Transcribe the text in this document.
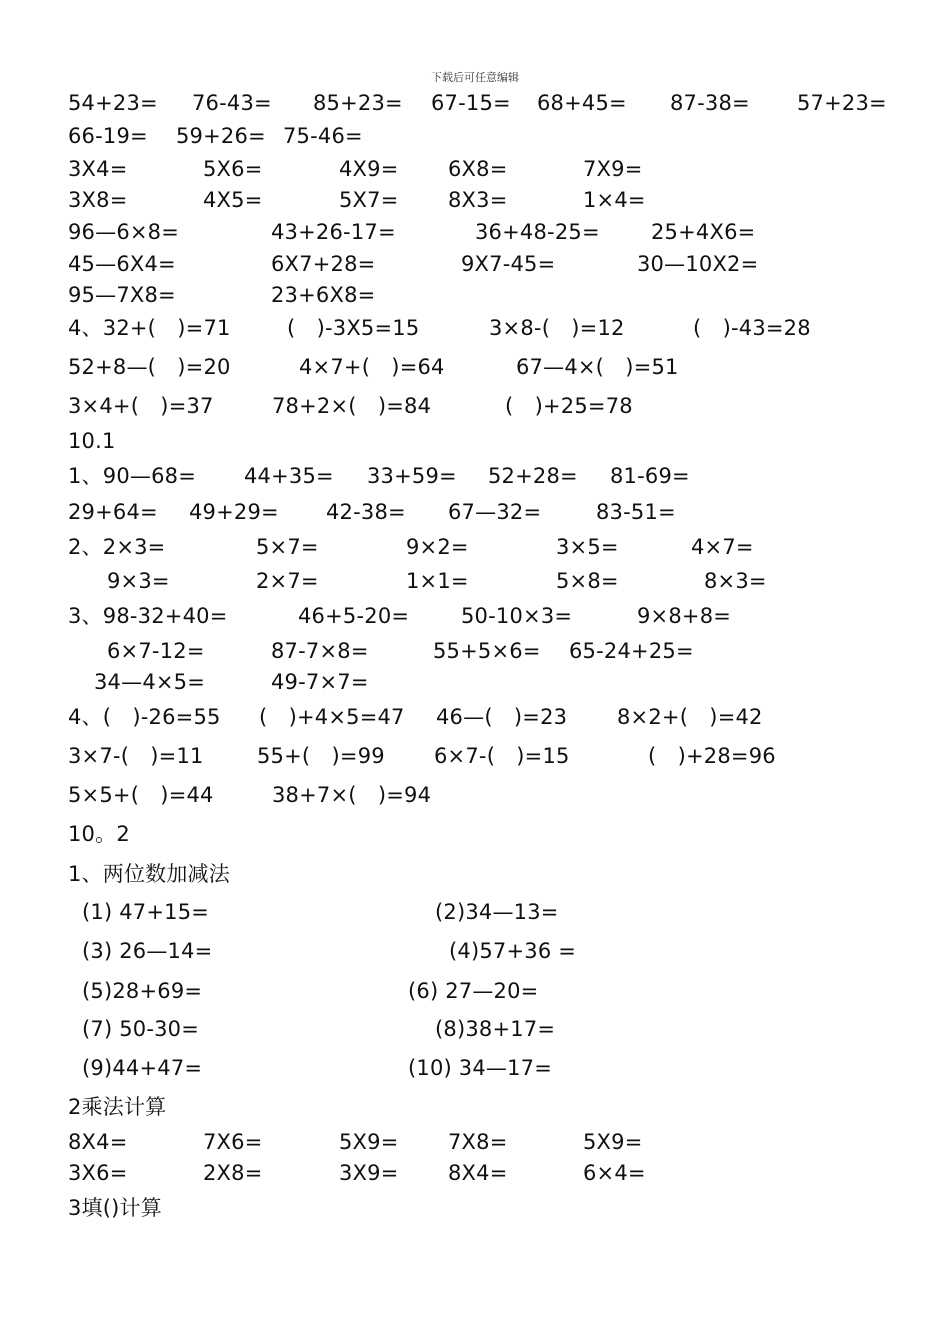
下载后可任意编辑
54+23= 76-43= 85+23= 67-15= 68+45= 87-38= 57+23=
66-19= 59+26= 75-46=
3X4=	5X6=	4X9= 6X8=	7X9=
3X8=	4X5=	5X7= 8X3=	1×4=
96—6×8=	43+26-17=	36+48-25= 25+4X6=
45—6X4=	6X7+28=	9X7-45=	30—10X2=
95—7X8=	23+6X8=
4、32+(　)=71	(　)-3X5=15	3×8-(　)=12	(　)-43=28
52+8—(　)=20	4×7+(　)=64	67—4×(　)=51
3×4+(　)=37	78+2×(　)=84	(　)+25=78
10.1
1、90—68= 44+35= 33+59= 52+28= 81-69=
29+64= 49+29= 42-38= 67—32=	83-51=
2、2×3=	5×7=	9×2=	3×5=	4×7=
9×3=	2×7=	1×1=	5×8=	8×3=
3、98-32+40=	46+5-20= 50-10×3=	9×8+8=
6×7-12=	87-7×8=	55+5×6= 65-24+25=
34—4×5=	49-7×7=
4、(　)-26=55 (　)+4×5=47 46—(　)=23 8×2+(　)=42
3×7-(　)=11	55+(　)=99 6×7-(　)=15	(　)+28=96
5×5+(　)=44	38+7×(　)=94
10。2
1、两位数加减法
(1) 47+15=	(2)34—13=
(3) 26—14=	(4)57+36 =
(5)28+69=	(6) 27—20=
(7) 50-30=	(8)38+17=
(9)44+47=	(10) 34—17=
2乘法计算
8X4=	7X6=	5X9= 7X8=	5X9=
3X6=	2X8=	3X9= 8X4=	6×4=
3填()计算
